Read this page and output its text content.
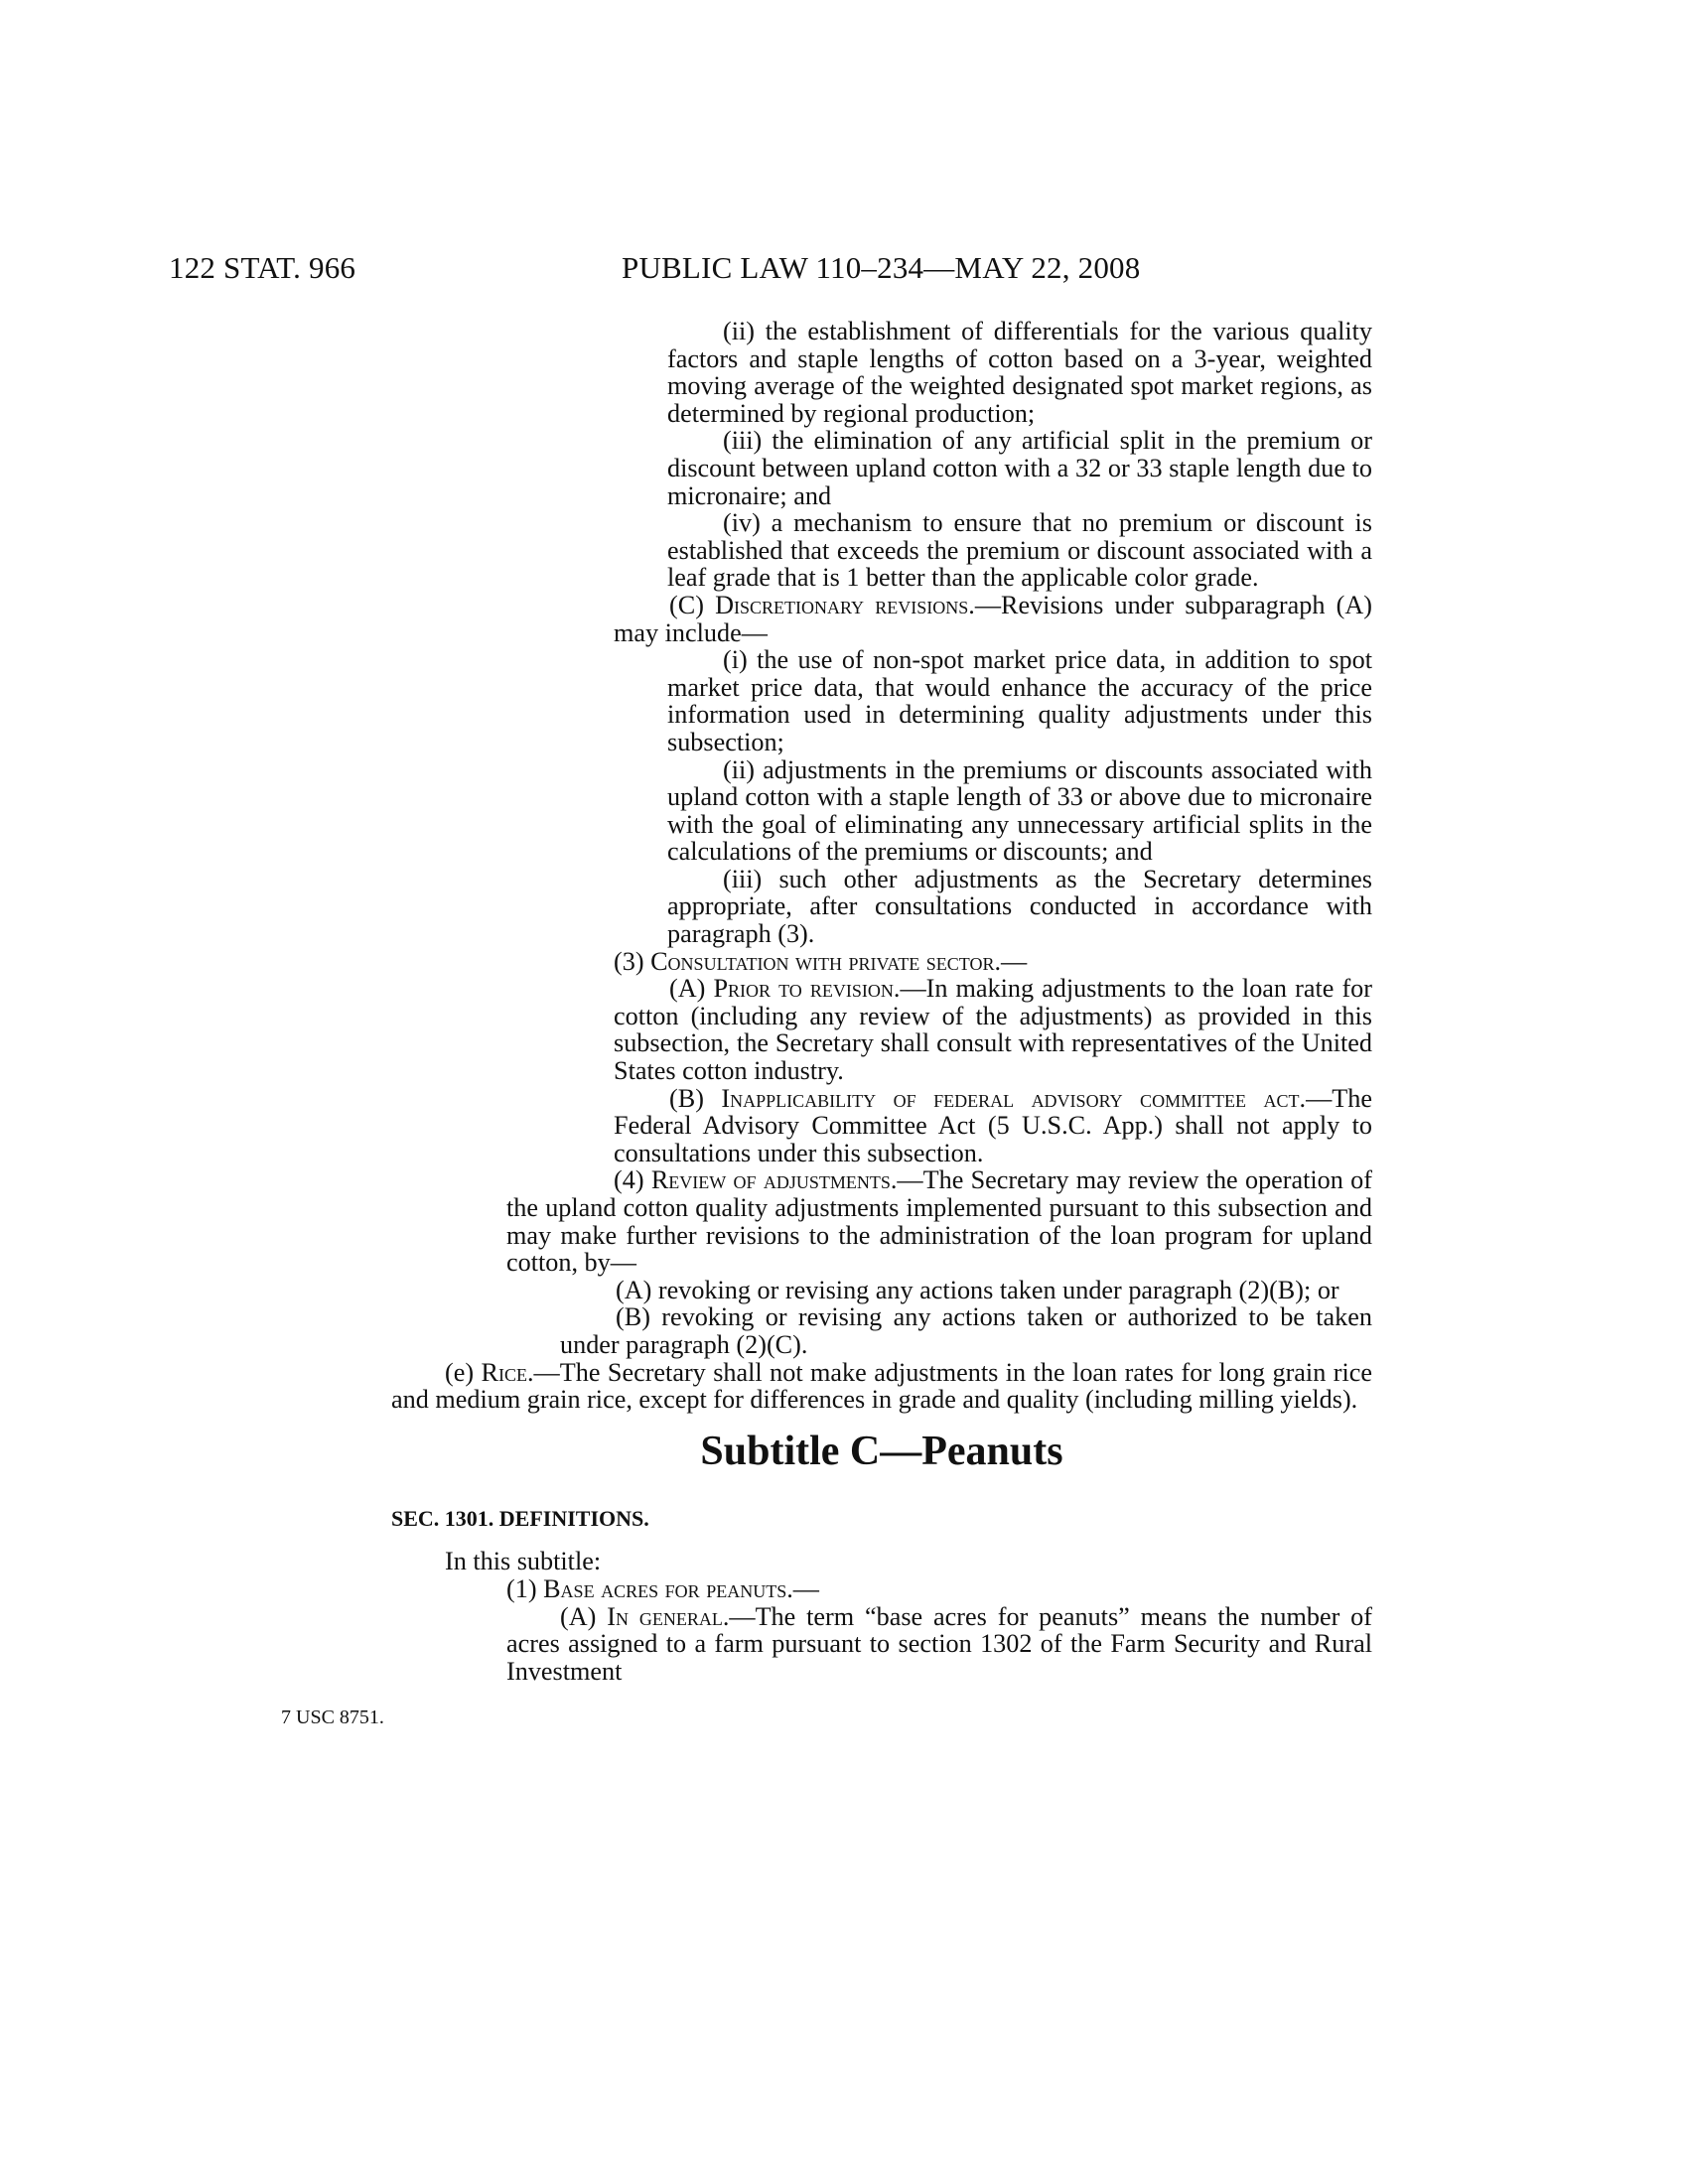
122 STAT. 966	PUBLIC LAW 110–234—MAY 22, 2008

(ii) the establishment of differentials for the various quality factors and staple lengths of cotton based on a 3-year, weighted moving average of the weighted designated spot market regions, as determined by regional production;

(iii) the elimination of any artificial split in the premium or discount between upland cotton with a 32 or 33 staple length due to micronaire; and

(iv) a mechanism to ensure that no premium or discount is established that exceeds the premium or discount associated with a leaf grade that is 1 better than the applicable color grade.

(C) Discretionary revisions.—Revisions under subparagraph (A) may include—

(i) the use of non-spot market price data, in addition to spot market price data, that would enhance the accuracy of the price information used in determining quality adjustments under this subsection;

(ii) adjustments in the premiums or discounts associated with upland cotton with a staple length of 33 or above due to micronaire with the goal of eliminating any unnecessary artificial splits in the calculations of the premiums or discounts; and

(iii) such other adjustments as the Secretary determines appropriate, after consultations conducted in accordance with paragraph (3).

(3) Consultation with private sector.—

(A) Prior to revision.—In making adjustments to the loan rate for cotton (including any review of the adjustments) as provided in this subsection, the Secretary shall consult with representatives of the United States cotton industry.

(B) Inapplicability of federal advisory committee act.—The Federal Advisory Committee Act (5 U.S.C. App.) shall not apply to consultations under this subsection.

(4) Review of adjustments.—The Secretary may review the operation of the upland cotton quality adjustments implemented pursuant to this subsection and may make further revisions to the administration of the loan program for upland cotton, by—

(A) revoking or revising any actions taken under paragraph (2)(B); or

(B) revoking or revising any actions taken or authorized to be taken under paragraph (2)(C).

(e) Rice.—The Secretary shall not make adjustments in the loan rates for long grain rice and medium grain rice, except for differences in grade and quality (including milling yields).

Subtitle C—Peanuts
SEC. 1301. DEFINITIONS.

In this subtitle:

(1) Base acres for peanuts.—

(A) In general.—The term “base acres for peanuts” means the number of acres assigned to a farm pursuant to section 1302 of the Farm Security and Rural Investment

7 USC 8751.
